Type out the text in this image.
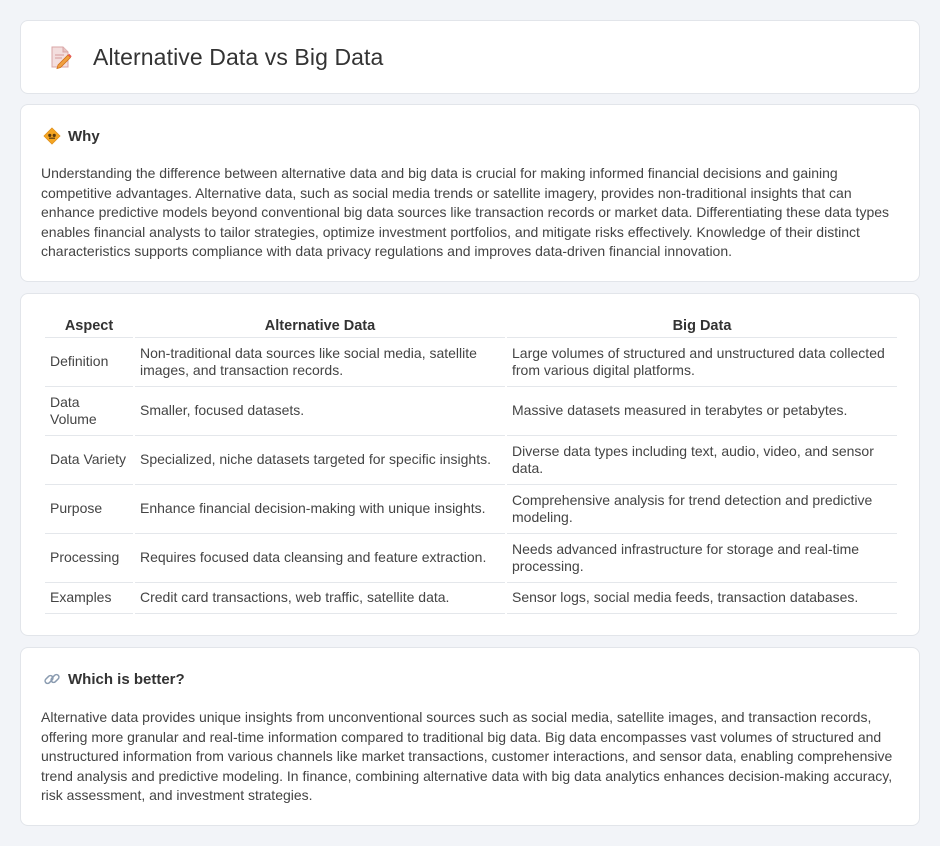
Alternative Data vs Big Data
Why

Understanding the difference between alternative data and big data is crucial for making informed financial decisions and gaining competitive advantages. Alternative data, such as social media trends or satellite imagery, provides non-traditional insights that can enhance predictive models beyond conventional big data sources like transaction records or market data. Differentiating these data types enables financial analysts to tailor strategies, optimize investment portfolios, and mitigate risks effectively. Knowledge of their distinct characteristics supports compliance with data privacy regulations and improves data-driven financial innovation.

Aspect	Alternative Data	Big Data
Definition	Non-traditional data sources like social media, satellite images, and transaction records.	Large volumes of structured and unstructured data collected from various digital platforms.
Data Volume	Smaller, focused datasets.	Massive datasets measured in terabytes or petabytes.
Data Variety	Specialized, niche datasets targeted for specific insights.	Diverse data types including text, audio, video, and sensor data.
Purpose	Enhance financial decision-making with unique insights.	Comprehensive analysis for trend detection and predictive modeling.
Processing	Requires focused data cleansing and feature extraction.	Needs advanced infrastructure for storage and real-time processing.
Examples	Credit card transactions, web traffic, satellite data.	Sensor logs, social media feeds, transaction databases.
Which is better?

Alternative data provides unique insights from unconventional sources such as social media, satellite images, and transaction records, offering more granular and real-time information compared to traditional big data. Big data encompasses vast volumes of structured and unstructured information from various channels like market transactions, customer interactions, and sensor data, enabling comprehensive trend analysis and predictive modeling. In finance, combining alternative data with big data analytics enhances decision-making accuracy, risk assessment, and investment strategies.
